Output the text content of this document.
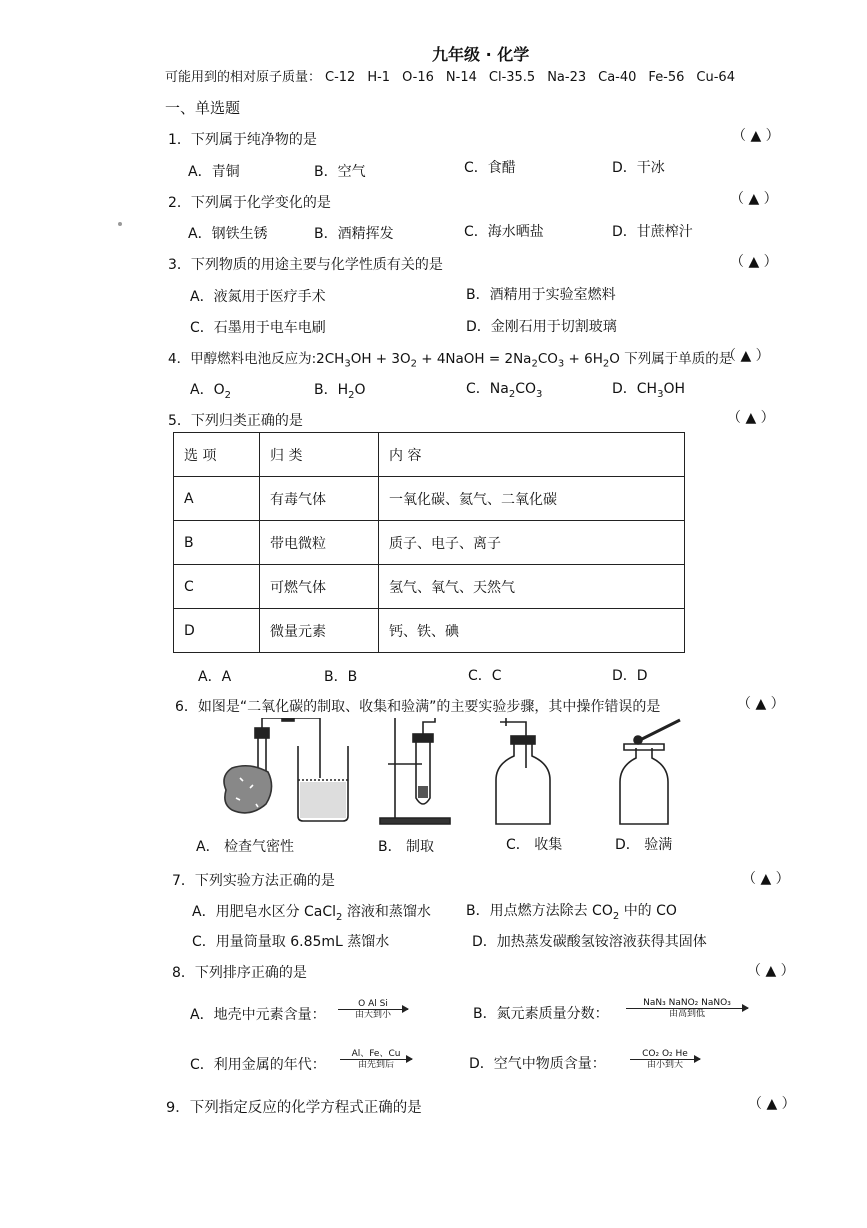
九年级 · 化学
可能用到的相对原子质量： C-12 H-1 O-16 N-14 Cl-35.5 Na-23 Ca-40 Fe-56 Cu-64
一、单选题
1．下列属于纯净物的是	（ ▲ ）
A．青铜	B．空气	C．食醋	D．干冰
2．下列属于化学变化的是	（ ▲ ）
A．钢铁生锈	B．酒精挥发	C．海水晒盐	D．甘蔗榨汁
3．下列物质的用途主要与化学性质有关的是	（ ▲ ）
A．液氮用于医疗手术	B．酒精用于实验室燃料
C．石墨用于电车电刷	D．金刚石用于切割玻璃
4．甲醇燃料电池反应为$:2CH_3OH + 3O_2$ + 4NaOH = $2Na_2CO_3 + 6H_2O$ 下列属于单质的是
（ ▲ ）
A．$O_2$	B．$H_2O$	C．$Na_2CO_3$	D．$CH_3OH$
5．下列归类正确的是	（ ▲ ）
选 项	归 类	内 容
A	有毒气体	一氧化碳、氦气、二氧化碳
B	带电微粒	质子、电子、离子
C	可燃气体	氢气、氧气、天然气
D	微量元素	钙、铁、碘
A．A	B．B	C．C	D．D
6．如图是“二氧化碳的制取、收集和验满”的主要实验步骤，其中操作错误的是	（ ▲ ）
A． 检查气密性	B． 制取	C． 收集	D． 验满
7．下列实验方法正确的是	（ ▲ ）
A．用肥皂水区分 CaCl$_2$ 溶液和蒸馏水	B．用点燃方法除去 $CO_2$ 中的 CO
C．用量筒量取 6.85mL 蒸馏水	D．加热蒸发碳酸氢铵溶液获得其固体
8．下列排序正确的是	（ ▲ ）
A．地壳中元素含量：
O Al Si
由大到小	B．氮元素质量分数：
NaN₃ NaNO₂ NaNO₃
由高到低
C．利用金属的年代：
Al、Fe、Cu
由先到后	D．空气中物质含量：
CO₂ O₂ He
由小到大
9．下列指定反应的化学方程式正确的是	（ ▲ ）
